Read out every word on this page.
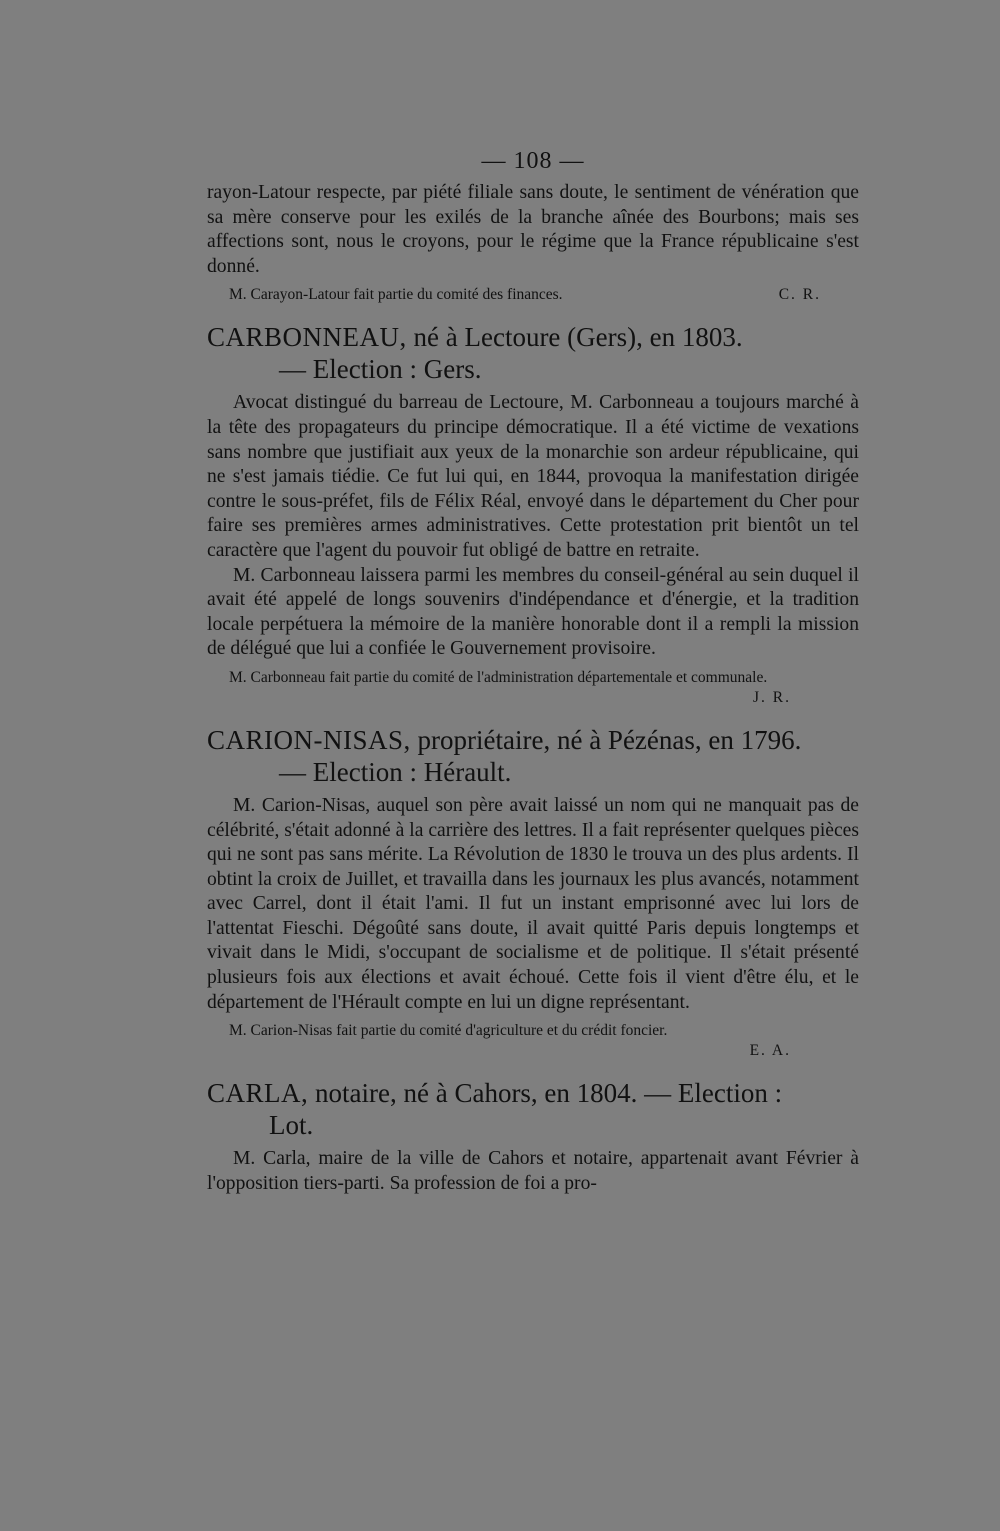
— 108 —

rayon-Latour respecte, par piété filiale sans doute, le sentiment de vénération que sa mère conserve pour les exilés de la branche aînée des Bourbons; mais ses affections sont, nous le croyons, pour le régime que la France républicaine s'est donné.

M. Carayon-Latour fait partie du comité des finances.	C. R.
CARBONNEAU, né à Lectoure (Gers), en 1803.
— Election : Gers.

Avocat distingué du barreau de Lectoure, M. Carbonneau a toujours marché à la tête des propagateurs du principe démocratique. Il a été victime de vexations sans nombre que justifiait aux yeux de la monarchie son ardeur républicaine, qui ne s'est jamais tiédie. Ce fut lui qui, en 1844, provoqua la manifestation dirigée contre le sous-préfet, fils de Félix Réal, envoyé dans le département du Cher pour faire ses premières armes administratives. Cette protestation prit bientôt un tel caractère que l'agent du pouvoir fut obligé de battre en retraite.

M. Carbonneau laissera parmi les membres du conseil-général au sein duquel il avait été appelé de longs souvenirs d'indépendance et d'énergie, et la tradition locale perpétuera la mémoire de la manière honorable dont il a rempli la mission de délégué que lui a confiée le Gouvernement provisoire.

M. Carbonneau fait partie du comité de l'administration départementale et communale.
J. R.
CARION-NISAS, propriétaire, né à Pézénas, en 1796.
— Election : Hérault.

M. Carion-Nisas, auquel son père avait laissé un nom qui ne manquait pas de célébrité, s'était adonné à la carrière des lettres. Il a fait représenter quelques pièces qui ne sont pas sans mérite. La Révolution de 1830 le trouva un des plus ardents. Il obtint la croix de Juillet, et travailla dans les journaux les plus avancés, notamment avec Carrel, dont il était l'ami. Il fut un instant emprisonné avec lui lors de l'attentat Fieschi. Dégoûté sans doute, il avait quitté Paris depuis longtemps et vivait dans le Midi, s'occupant de socialisme et de politique. Il s'était présenté plusieurs fois aux élections et avait échoué. Cette fois il vient d'être élu, et le département de l'Hérault compte en lui un digne représentant.

M. Carion-Nisas fait partie du comité d'agriculture et du crédit foncier.
E. A.
CARLA, notaire, né à Cahors, en 1804. — Election :
Lot.

M. Carla, maire de la ville de Cahors et notaire, appartenait avant Février à l'opposition tiers-parti. Sa profession de foi a pro-
